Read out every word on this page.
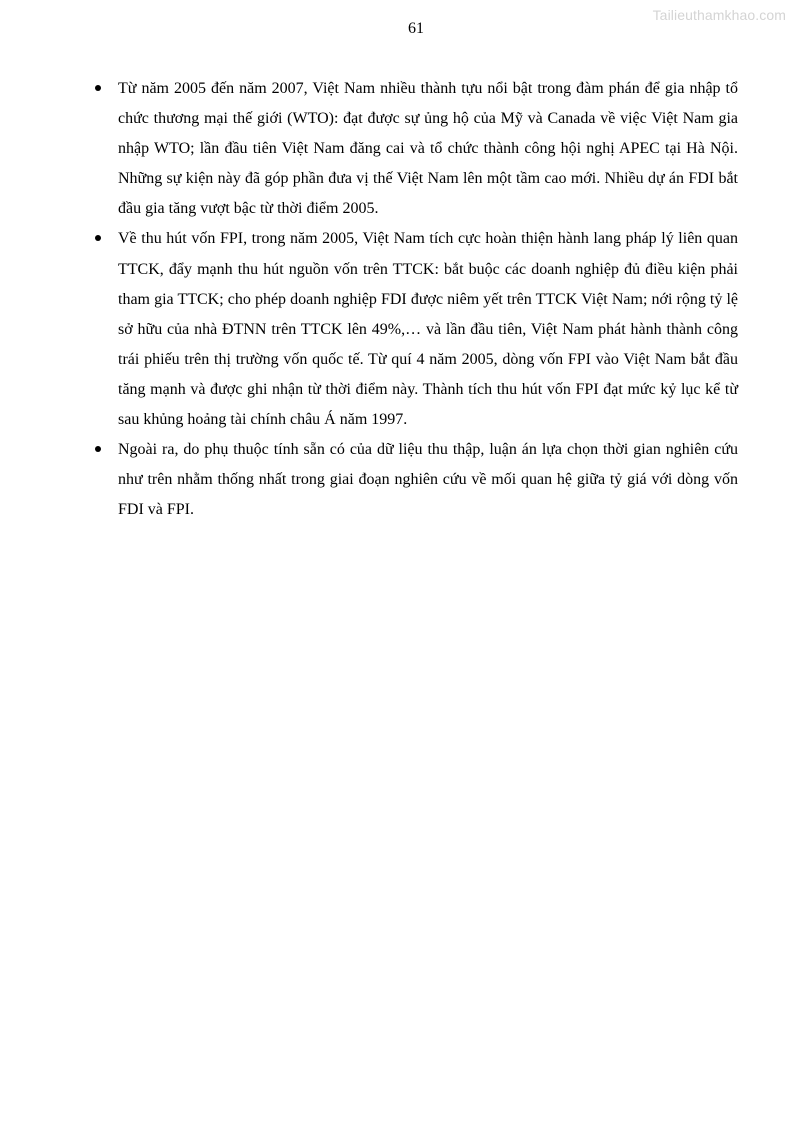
Tailieuthamkhao.com
61
Từ năm 2005 đến năm 2007, Việt Nam nhiều thành tựu nổi bật trong đàm phán để gia nhập tổ chức thương mại thế giới (WTO): đạt được sự ủng hộ của Mỹ và Canada về việc Việt Nam gia nhập WTO; lần đầu tiên Việt Nam đăng cai và tổ chức thành công hội nghị APEC tại Hà Nội. Những sự kiện này đã góp phần đưa vị thế Việt Nam lên một tầm cao mới. Nhiều dự án FDI bắt đầu gia tăng vượt bậc từ thời điểm 2005.
Về thu hút vốn FPI, trong năm 2005, Việt Nam tích cực hoàn thiện hành lang pháp lý liên quan TTCK, đẩy mạnh thu hút nguồn vốn trên TTCK: bắt buộc các doanh nghiệp đủ điều kiện phải tham gia TTCK; cho phép doanh nghiệp FDI được niêm yết trên TTCK Việt Nam; nới rộng tỷ lệ sở hữu của nhà ĐTNN trên TTCK lên 49%,… và lần đầu tiên, Việt Nam phát hành thành công trái phiếu trên thị trường vốn quốc tế. Từ quí 4 năm 2005, dòng vốn FPI vào Việt Nam bắt đầu tăng mạnh và được ghi nhận từ thời điểm này. Thành tích thu hút vốn FPI đạt mức kỷ lục kể từ sau khủng hoảng tài chính châu Á năm 1997.
Ngoài ra, do phụ thuộc tính sẵn có của dữ liệu thu thập, luận án lựa chọn thời gian nghiên cứu như trên nhằm thống nhất trong giai đoạn nghiên cứu về mối quan hệ giữa tỷ giá với dòng vốn FDI và FPI.
